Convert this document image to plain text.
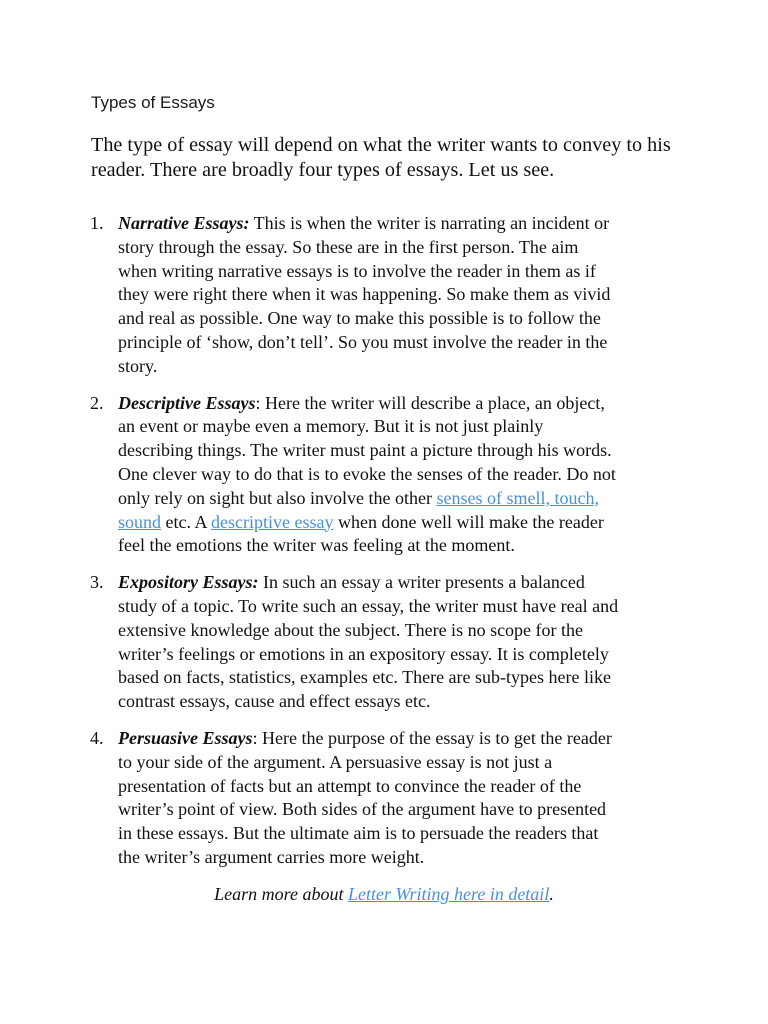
Types of Essays

The type of essay will depend on what the writer wants to convey to his
reader. There are broadly four types of essays. Let us see.

1. Narrative Essays: This is when the writer is narrating an incident or
story through the essay. So these are in the first person. The aim
when writing narrative essays is to involve the reader in them as if
they were right there when it was happening. So make them as vivid
and real as possible. One way to make this possible is to follow the
principle of ‘show, don’t tell’. So you must involve the reader in the
story.
2. Descriptive Essays: Here the writer will describe a place, an object,
an event or maybe even a memory. But it is not just plainly
describing things. The writer must paint a picture through his words.
One clever way to do that is to evoke the senses of the reader. Do not
only rely on sight but also involve the other senses of smell, touch,
sound etc. A descriptive essay when done well will make the reader
feel the emotions the writer was feeling at the moment.
3. Expository Essays: In such an essay a writer presents a balanced
study of a topic. To write such an essay, the writer must have real and
extensive knowledge about the subject. There is no scope for the
writer’s feelings or emotions in an expository essay. It is completely
based on facts, statistics, examples etc. There are sub-types here like
contrast essays, cause and effect essays etc.
4. Persuasive Essays: Here the purpose of the essay is to get the reader
to your side of the argument. A persuasive essay is not just a
presentation of facts but an attempt to convince the reader of the
writer’s point of view. Both sides of the argument have to presented
in these essays. But the ultimate aim is to persuade the readers that
the writer’s argument carries more weight.
Learn more about Letter Writing here in detail.
